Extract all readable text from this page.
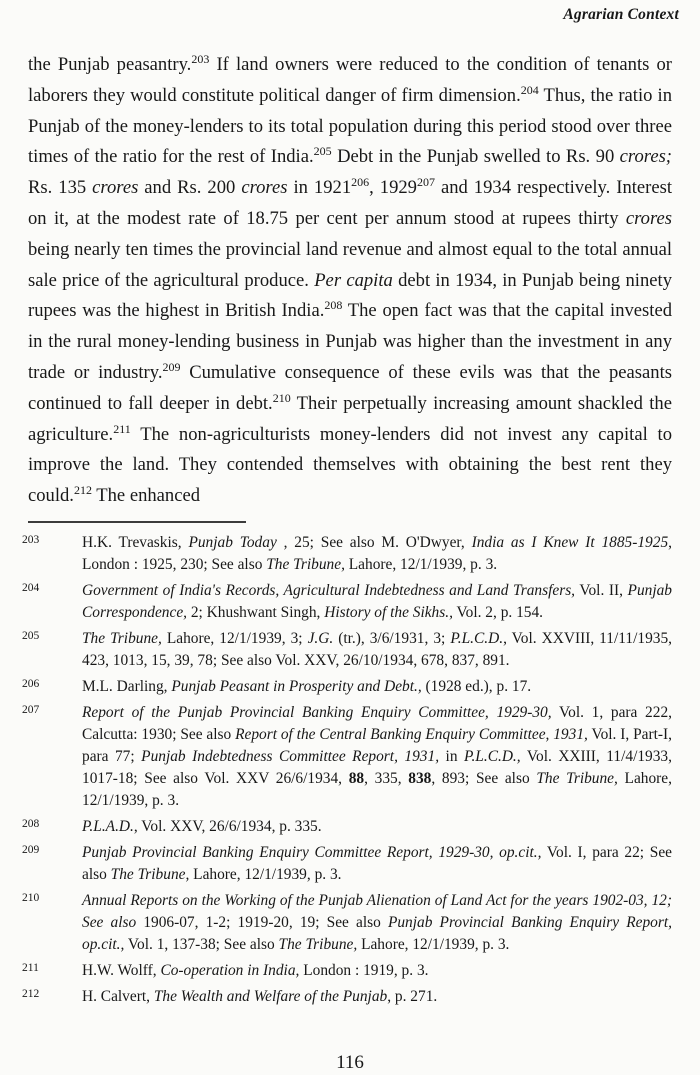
Agrarian Context
the Punjab peasantry.$^{203}$ If land owners were reduced to the condition of tenants or laborers they would constitute political danger of firm dimension.$^{204}$ Thus, the ratio in Punjab of the money-lenders to its total population during this period stood over three times of the ratio for the rest of India.$^{205}$ Debt in the Punjab swelled to Rs. 90 crores; Rs. 135 crores and Rs. 200 crores in 1921$^{206}$, 1929$^{207}$ and 1934 respectively. Interest on it, at the modest rate of 18.75 per cent per annum stood at rupees thirty crores being nearly ten times the provincial land revenue and almost equal to the total annual sale price of the agricultural produce. Per capita debt in 1934, in Punjab being ninety rupees was the highest in British India.$^{208}$ The open fact was that the capital invested in the rural money-lending business in Punjab was higher than the investment in any trade or industry.$^{209}$ Cumulative consequence of these evils was that the peasants continued to fall deeper in debt.$^{210}$ Their perpetually increasing amount shackled the agriculture.$^{211}$ The non-agriculturists money-lenders did not invest any capital to improve the land. They contended themselves with obtaining the best rent they could.$^{212}$ The enhanced
203	H.K. Trevaskis, Punjab Today , 25; See also M. O'Dwyer, India as I Knew It 1885-1925, London : 1925, 230; See also The Tribune, Lahore, 12/1/1939, p. 3.
204	Government of India's Records, Agricultural Indebtedness and Land Transfers, Vol. II, Punjab Correspondence, 2; Khushwant Singh, History of the Sikhs., Vol. 2, p. 154.
205	The Tribune, Lahore, 12/1/1939, 3; J.G. (tr.), 3/6/1931, 3; P.L.C.D., Vol. XXVIII, 11/11/1935, 423, 1013, 15, 39, 78; See also Vol. XXV, 26/10/1934, 678, 837, 891.
206	M.L. Darling, Punjab Peasant in Prosperity and Debt., (1928 ed.), p. 17.
207	Report of the Punjab Provincial Banking Enquiry Committee, 1929-30, Vol. 1, para 222, Calcutta: 1930; See also Report of the Central Banking Enquiry Committee, 1931, Vol. I, Part-I, para 77; Punjab Indebtedness Committee Report, 1931, in P.L.C.D., Vol. XXIII, 11/4/1933, 1017-18; See also Vol. XXV 26/6/1934, 88, 335, 838, 893; See also The Tribune, Lahore, 12/1/1939, p. 3.
208	P.L.A.D., Vol. XXV, 26/6/1934, p. 335.
209	Punjab Provincial Banking Enquiry Committee Report, 1929-30, op.cit., Vol. I, para 22; See also The Tribune, Lahore, 12/1/1939, p. 3.
210	Annual Reports on the Working of the Punjab Alienation of Land Act for the years 1902-03, 12; See also 1906-07, 1-2; 1919-20, 19; See also Punjab Provincial Banking Enquiry Report, op.cit., Vol. 1, 137-38; See also The Tribune, Lahore, 12/1/1939, p. 3.
211	H.W. Wolff, Co-operation in India, London : 1919, p. 3.
212	H. Calvert, The Wealth and Welfare of the Punjab, p. 271.
116
